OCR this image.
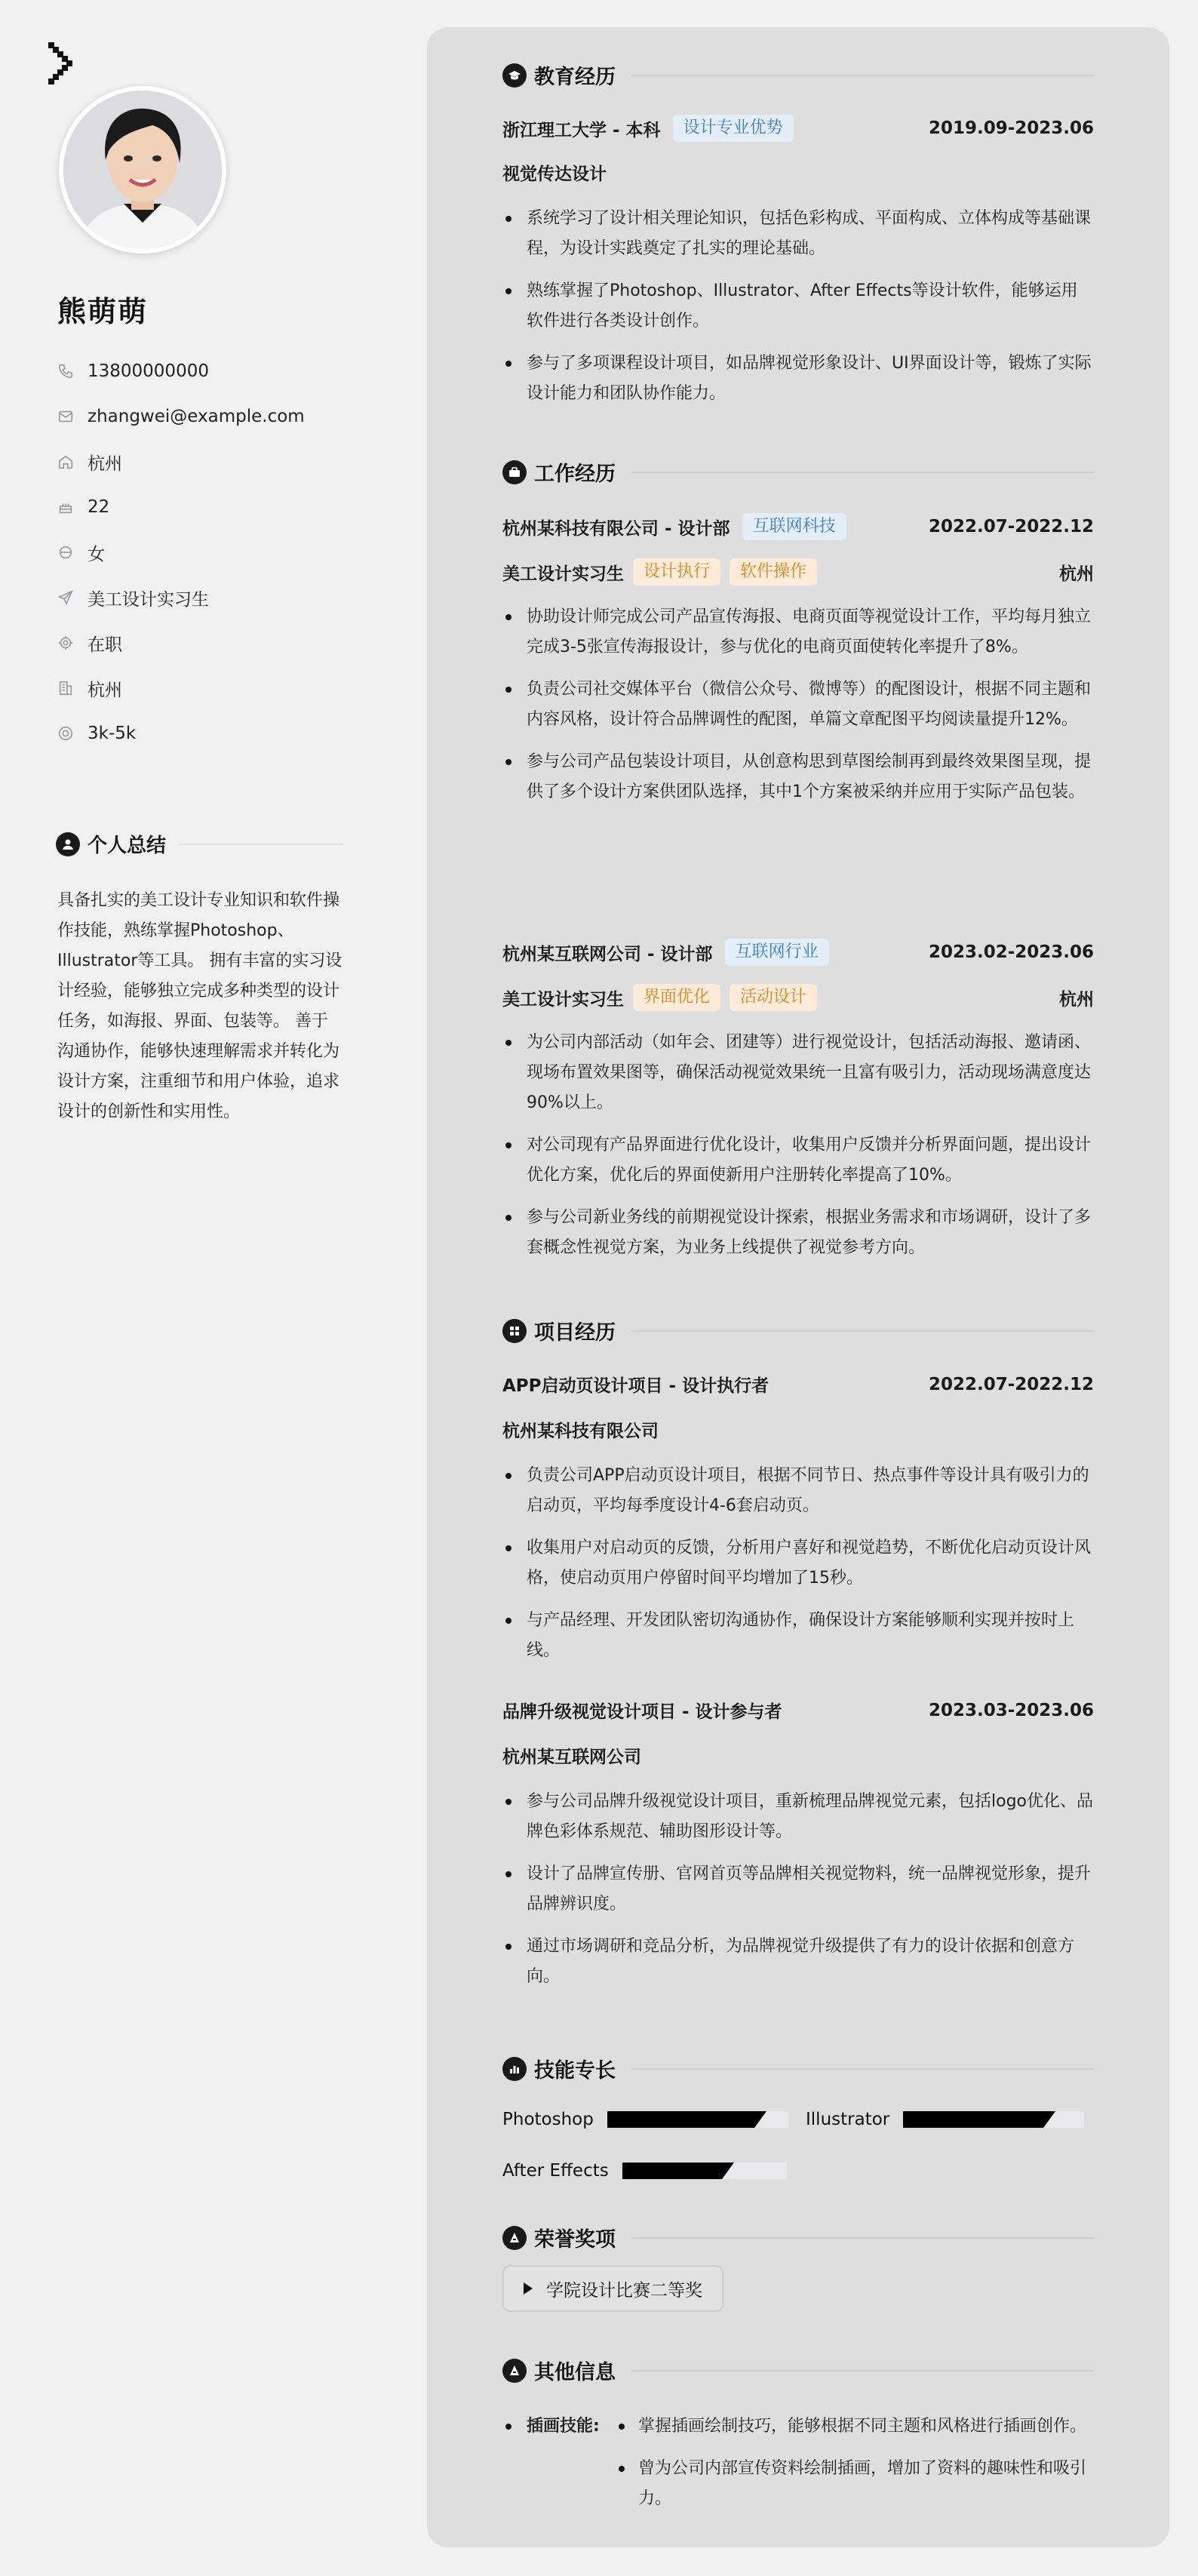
熊萌萌
13800000000
zhangwei@example.com
杭州
22
女
美工设计实习生
在职
杭州
3k-5k
个人总结
具备扎实的美工设计专业知识和软件操作技能，熟练掌握Photoshop、Illustrator等工具。 拥有丰富的实习设计经验，能够独立完成多种类型的设计任务，如海报、界面、包装等。 善于沟通协作，能够快速理解需求并转化为设计方案，注重细节和用户体验，追求设计的创新性和实用性。
教育经历
浙江理工大学 - 本科	设计专业优势	2019.09-2023.06
视觉传达设计
系统学习了设计相关理论知识，包括色彩构成、平面构成、立体构成等基础课程，为设计实践奠定了扎实的理论基础。
熟练掌握了Photoshop、Illustrator、After Effects等设计软件，能够运用软件进行各类设计创作。
参与了多项课程设计项目，如品牌视觉形象设计、UI界面设计等，锻炼了实际设计能力和团队协作能力。
工作经历
杭州某科技有限公司 - 设计部	互联网科技	2022.07-2022.12
美工设计实习生	设计执行	软件操作	杭州
协助设计师完成公司产品宣传海报、电商页面等视觉设计工作，平均每月独立完成3-5张宣传海报设计，参与优化的电商页面使转化率提升了8%。
负责公司社交媒体平台（微信公众号、微博等）的配图设计，根据不同主题和内容风格，设计符合品牌调性的配图，单篇文章配图平均阅读量提升12%。
参与公司产品包装设计项目，从创意构思到草图绘制再到最终效果图呈现，提供了多个设计方案供团队选择，其中1个方案被采纳并应用于实际产品包装。
杭州某互联网公司 - 设计部	互联网行业	2023.02-2023.06
美工设计实习生	界面优化	活动设计	杭州
为公司内部活动（如年会、团建等）进行视觉设计，包括活动海报、邀请函、现场布置效果图等，确保活动视觉效果统一且富有吸引力，活动现场满意度达90%以上。
对公司现有产品界面进行优化设计，收集用户反馈并分析界面问题，提出设计优化方案，优化后的界面使新用户注册转化率提高了10%。
参与公司新业务线的前期视觉设计探索，根据业务需求和市场调研，设计了多套概念性视觉方案，为业务上线提供了视觉参考方向。
项目经历
APP启动页设计项目 - 设计执行者	2022.07-2022.12
杭州某科技有限公司
负责公司APP启动页设计项目，根据不同节日、热点事件等设计具有吸引力的启动页，平均每季度设计4-6套启动页。
收集用户对启动页的反馈，分析用户喜好和视觉趋势，不断优化启动页设计风格，使启动页用户停留时间平均增加了15秒。
与产品经理、开发团队密切沟通协作，确保设计方案能够顺利实现并按时上线。
品牌升级视觉设计项目 - 设计参与者	2023.03-2023.06
杭州某互联网公司
参与公司品牌升级视觉设计项目，重新梳理品牌视觉元素，包括logo优化、品牌色彩体系规范、辅助图形设计等。
设计了品牌宣传册、官网首页等品牌相关视觉物料，统一品牌视觉形象，提升品牌辨识度。
通过市场调研和竞品分析，为品牌视觉升级提供了有力的设计依据和创意方向。
技能专长
Photoshop	Illustrator
After Effects
荣誉奖项
学院设计比赛二等奖
其他信息
插画技能:	掌握插画绘制技巧，能够根据不同主题和风格进行插画创作。
曾为公司内部宣传资料绘制插画，增加了资料的趣味性和吸引力。
